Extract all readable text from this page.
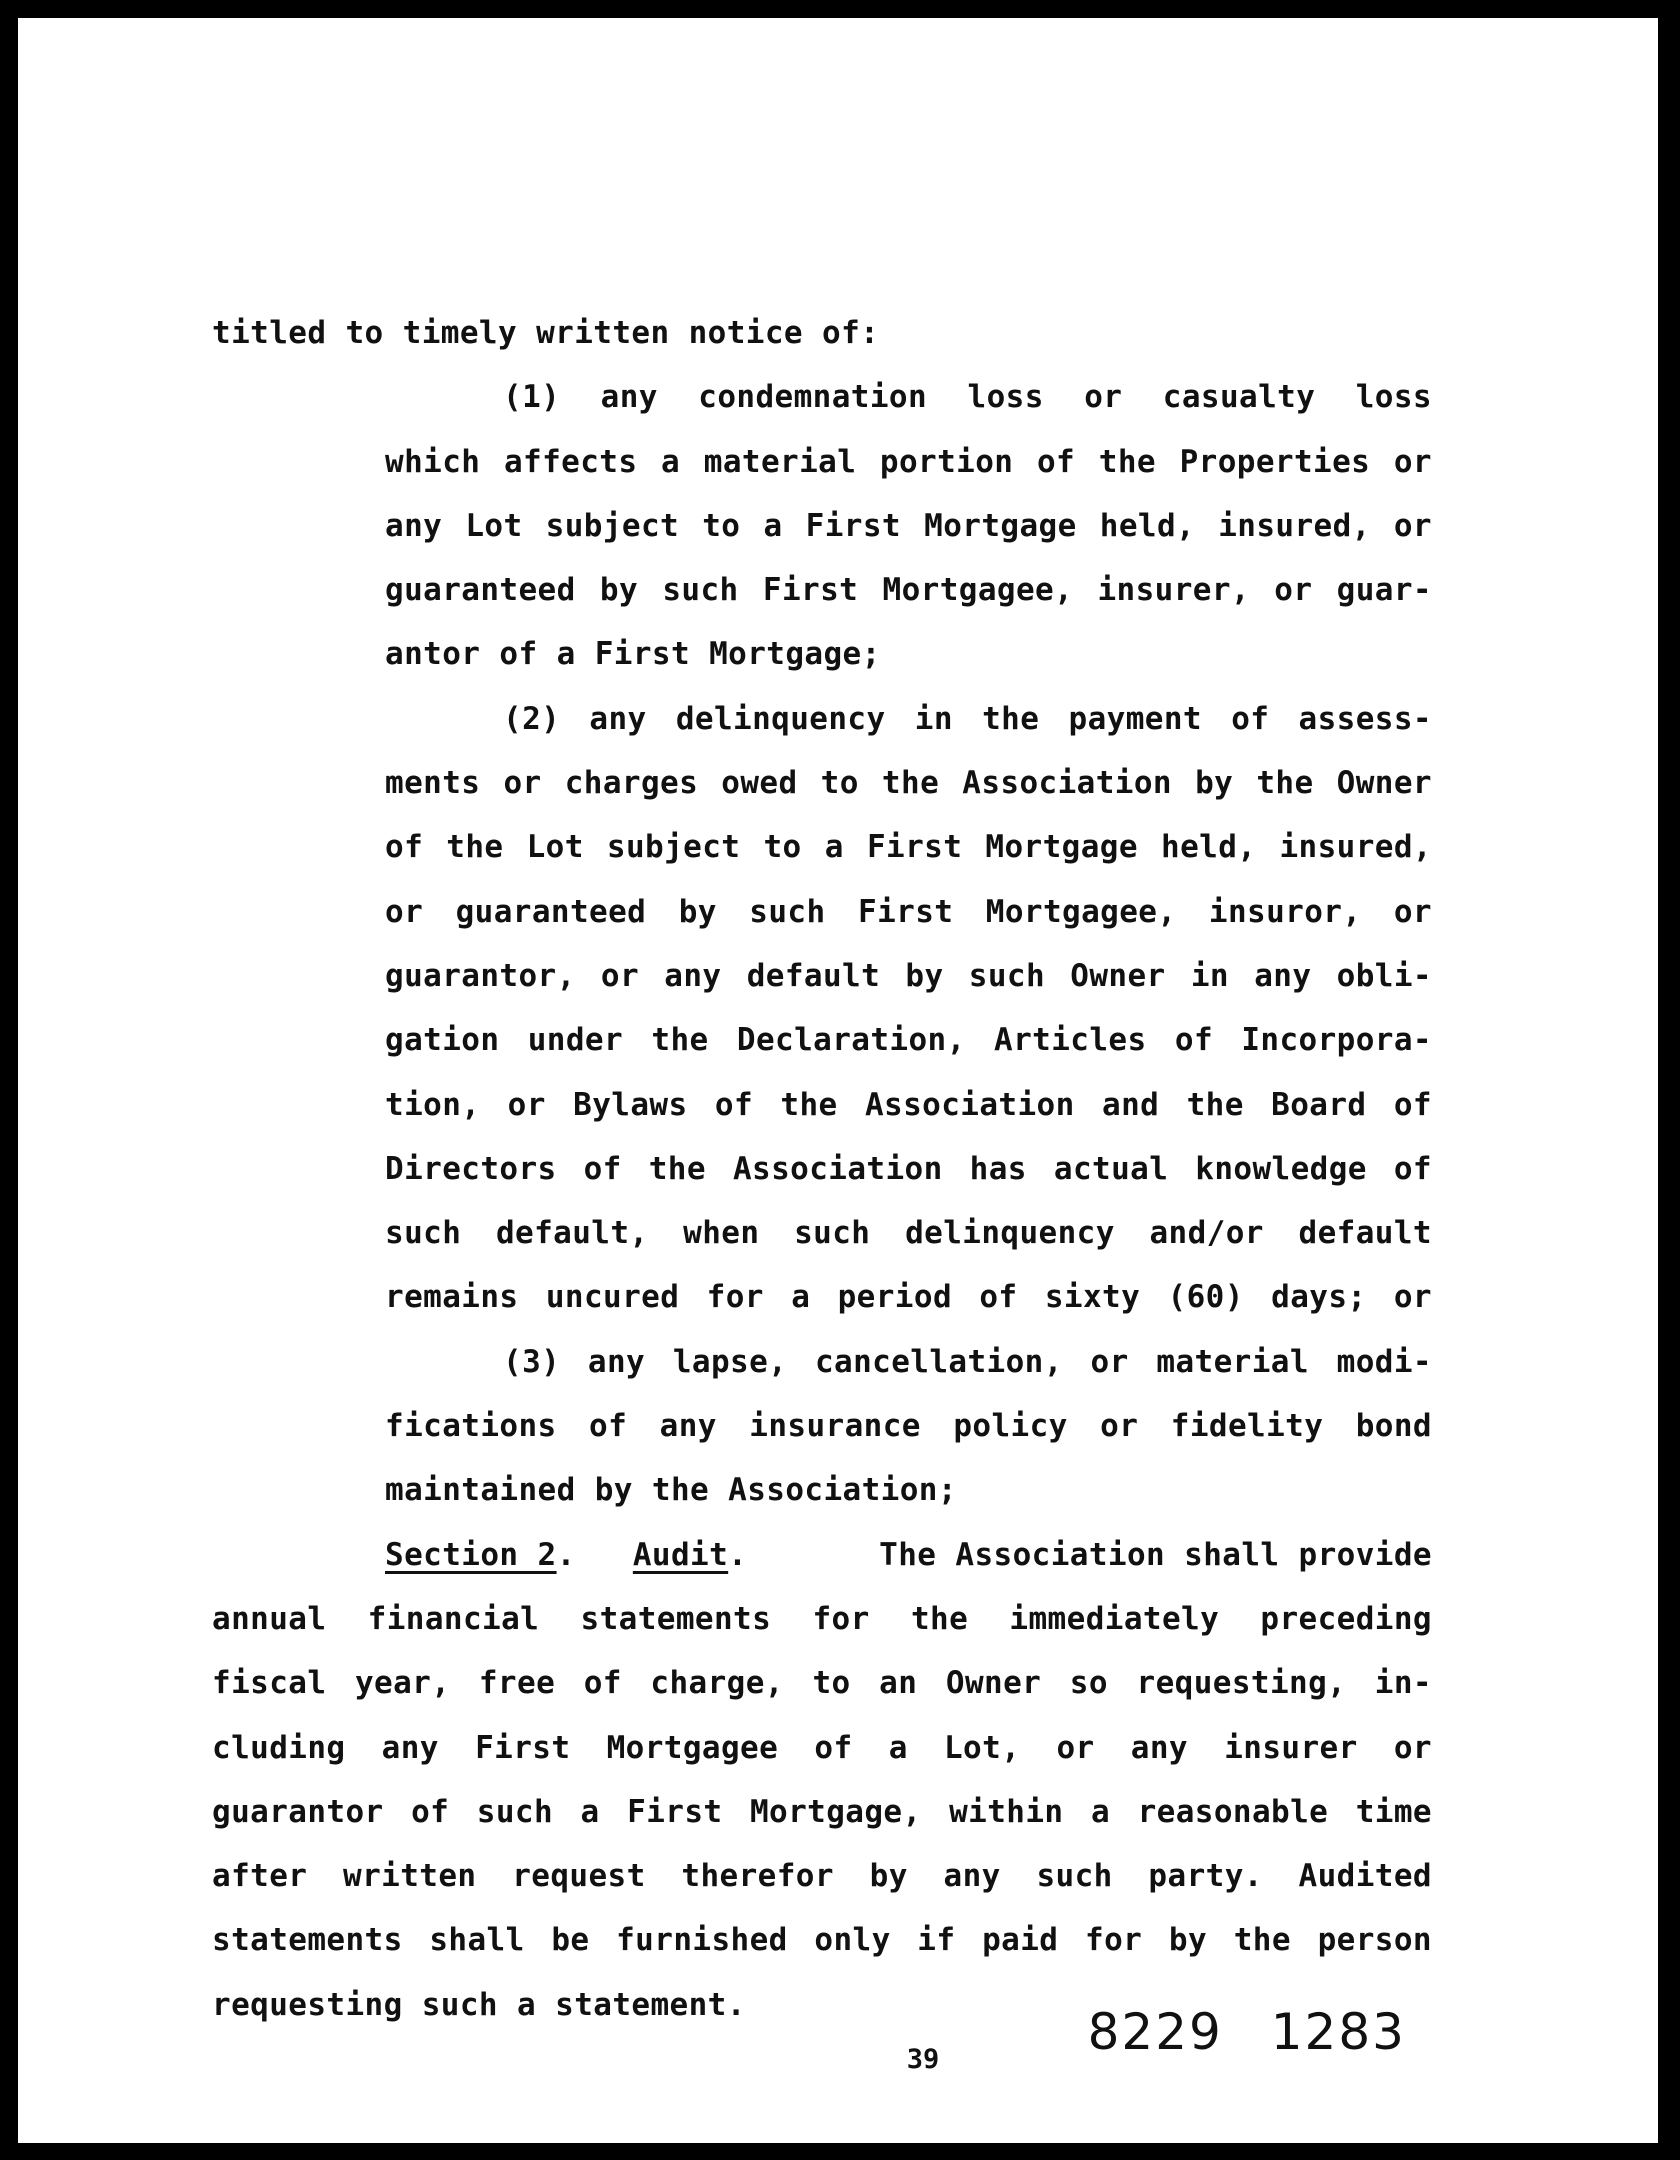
titled to timely written notice of:
(1) any condemnation loss or casualty loss
which affects a material portion of the Properties or
any Lot subject to a First Mortgage held, insured, or
guaranteed by such First Mortgagee, insurer, or guar-
antor of a First Mortgage;
(2) any delinquency in the payment of assess-
ments or charges owed to the Association by the Owner
of the Lot subject to a First Mortgage held, insured,
or guaranteed by such First Mortgagee, insuror, or
guarantor, or any default by such Owner in any obli-
gation under the Declaration, Articles of Incorpora-
tion, or Bylaws of the Association and the Board of
Directors of the Association has actual knowledge of
such default, when such delinquency and/or default
remains uncured for a period of sixty (60) days; or
(3) any lapse, cancellation, or material modi-
fications of any insurance policy or fidelity bond
maintained by the Association;
Section 2.   Audit.	The Association shall provide
annual financial statements for the immediately preceding
fiscal year, free of charge, to an Owner so requesting, in-
cluding any First Mortgagee of a Lot, or any insurer or
guarantor of such a First Mortgage, within a reasonable time
after written request therefor by any such party. Audited
statements shall be furnished only if paid for by the person
requesting such a statement.
39	8229 1283
